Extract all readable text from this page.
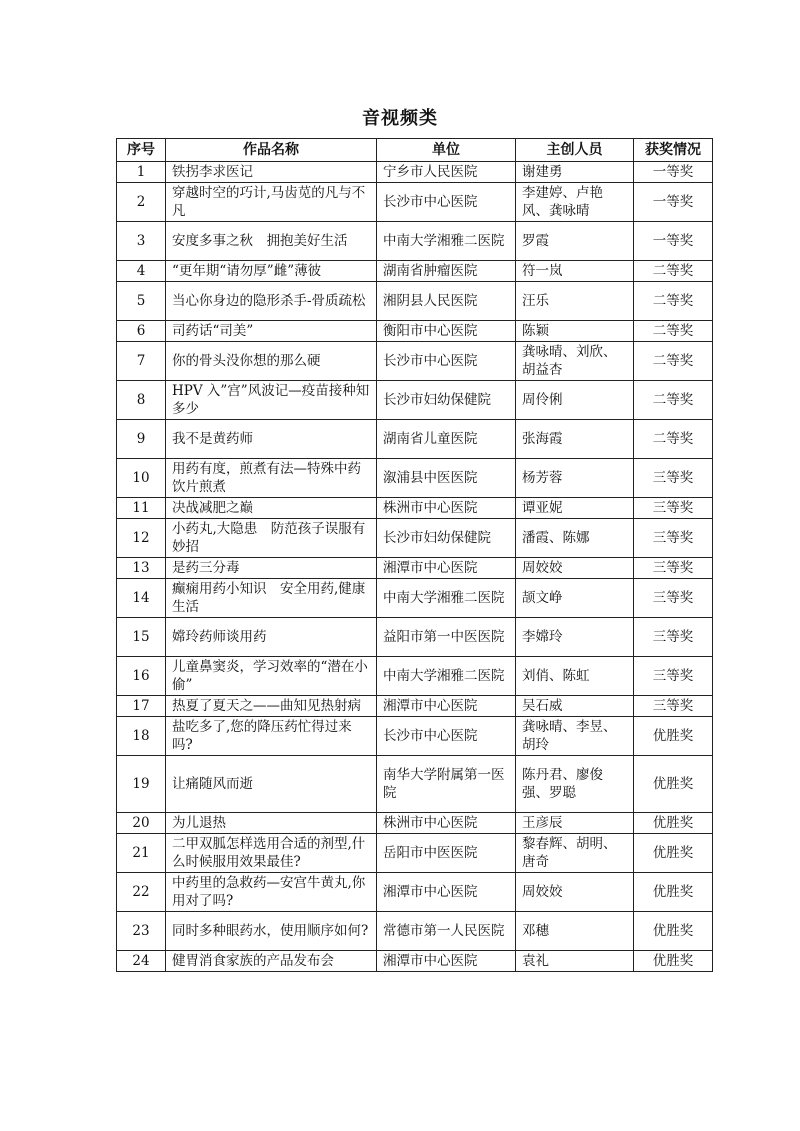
音视频类
序号	作品名称	单位	主创人员	获奖情况
1	铁拐李求医记	宁乡市人民医院	谢建勇	一等奖
2	穿越时空的巧计,马齿苋的凡与不凡	长沙市中心医院	李建婷、卢艳风、龚咏晴	一等奖
3	安度多事之秋　拥抱美好生活	中南大学湘雅二医院	罗霞	一等奖
4	“更年期“请勿厚”雌”薄彼	湖南省肿瘤医院	符一岚	二等奖
5	当心你身边的隐形杀手-骨质疏松	湘阴县人民医院	汪乐	二等奖
6	司药话“司美”	衡阳市中心医院	陈颖	二等奖
7	你的骨头没你想的那么硬	长沙市中心医院	龚咏晴、刘欣、胡益杏	二等奖
8	HPV 入”宫”风波记—疫苗接种知多少	长沙市妇幼保健院	周伶俐	二等奖
9	我不是黄药师	湖南省儿童医院	张海霞	二等奖
10	用药有度，煎煮有法—特殊中药饮片煎煮	溆浦县中医医院	杨芳蓉	三等奖
11	决战减肥之巅	株洲市中心医院	谭亚妮	三等奖
12	小药丸,大隐患　防范孩子误服有妙招	长沙市妇幼保健院	潘霞、陈娜	三等奖
13	是药三分毒	湘潭市中心医院	周姣姣	三等奖
14	癫痫用药小知识　安全用药,健康生活	中南大学湘雅二医院	颉文峥	三等奖
15	嫦玲药师谈用药	益阳市第一中医医院	李嫦玲	三等奖
16	儿童鼻窦炎，学习效率的“潜在小偷”	中南大学湘雅二医院	刘俏、陈虹	三等奖
17	热夏了夏天之——曲知见热射病	湘潭市中心医院	吴石威	三等奖
18	盐吃多了,您的降压药忙得过来吗?	长沙市中心医院	龚咏晴、李昱、胡玲	优胜奖
19	让痛随风而逝	南华大学附属第一医院	陈丹君、廖俊强、罗聪	优胜奖
20	为儿退热	株洲市中心医院	王彦辰	优胜奖
21	二甲双胍怎样选用合适的剂型,什么时候服用效果最佳?	岳阳市中医医院	黎春辉、胡明、唐奇	优胜奖
22	中药里的急救药—安宫牛黄丸,你用对了吗?	湘潭市中心医院	周姣姣	优胜奖
23	同时多种眼药水，使用顺序如何?	常德市第一人民医院	邓穗	优胜奖
24	健胃消食家族的产品发布会	湘潭市中心医院	袁礼	优胜奖
